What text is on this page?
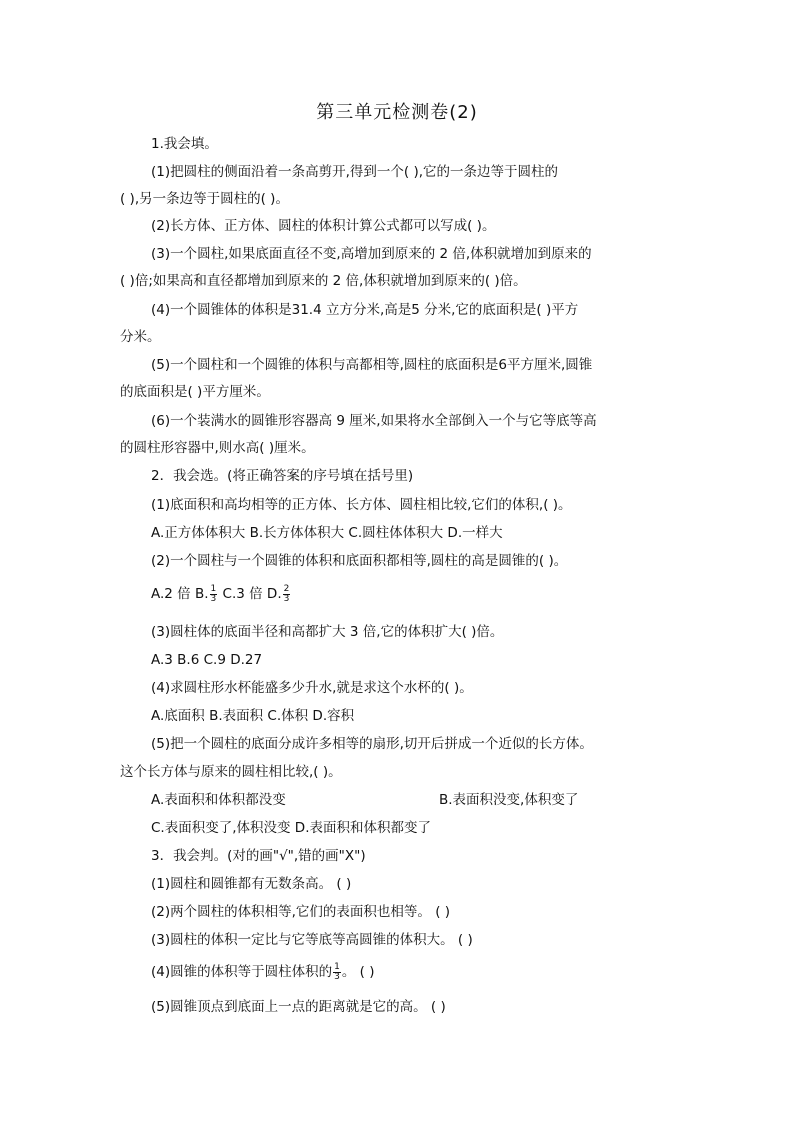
第三单元检测卷(2)
1.我会填。
(1)把圆柱的侧面沿着一条高剪开,得到一个( ),它的一条边等于圆柱的
( ),另一条边等于圆柱的( )。
(2)长方体、正方体、圆柱的体积计算公式都可以写成( )。
(3)一个圆柱,如果底面直径不变,高增加到原来的 2 倍,体积就增加到原来的
( )倍;如果高和直径都增加到原来的 2 倍,体积就增加到原来的( )倍。
(4)一个圆锥体的体积是31.4 立方分米,高是5 分米,它的底面积是( )平方
分米。
(5)一个圆柱和一个圆锥的体积与高都相等,圆柱的底面积是6平方厘米,圆锥
的底面积是( )平方厘米。
(6)一个装满水的圆锥形容器高 9 厘米,如果将水全部倒入一个与它等底等高
的圆柱形容器中,则水高( )厘米。
2．我会选。(将正确答案的序号填在括号里)
(1)底面积和高均相等的正方体、长方体、圆柱相比较,它们的体积,( )。
A.正方体体积大 B.长方体体积大 C.圆柱体体积大 D.一样大
(2)一个圆柱与一个圆锥的体积和底面积都相等,圆柱的高是圆锥的( )。
A.2 倍 B. $\frac{1}{3} C.3$ 倍 D. $\frac{2}{3}$
(3)圆柱体的底面半径和高都扩大 3 倍,它的体积扩大( )倍。
A.3 B.6 C.9 D.27
(4)求圆柱形水杯能盛多少升水,就是求这个水杯的( )。
A.底面积 B.表面积 C.体积 D.容积
(5)把一个圆柱的底面分成许多相等的扇形,切开后拼成一个近似的长方体。
这个长方体与原来的圆柱相比较,( )。
A.表面积和体积都没变	B.表面积没变,体积变了
C.表面积变了,体积没变 D.表面积和体积都变了
3．我会判。(对的画"√",错的画"X")
(1)圆柱和圆锥都有无数条高。 ( )
(2)两个圆柱的体积相等,它们的表面积也相等。 ( )
(3)圆柱的体积一定比与它等底等高圆锥的体积大。 ( )
(4)圆锥的体积等于圆柱体积的 $\frac{1}{3}$ 。 ( )
(5)圆锥顶点到底面上一点的距离就是它的高。 ( )
